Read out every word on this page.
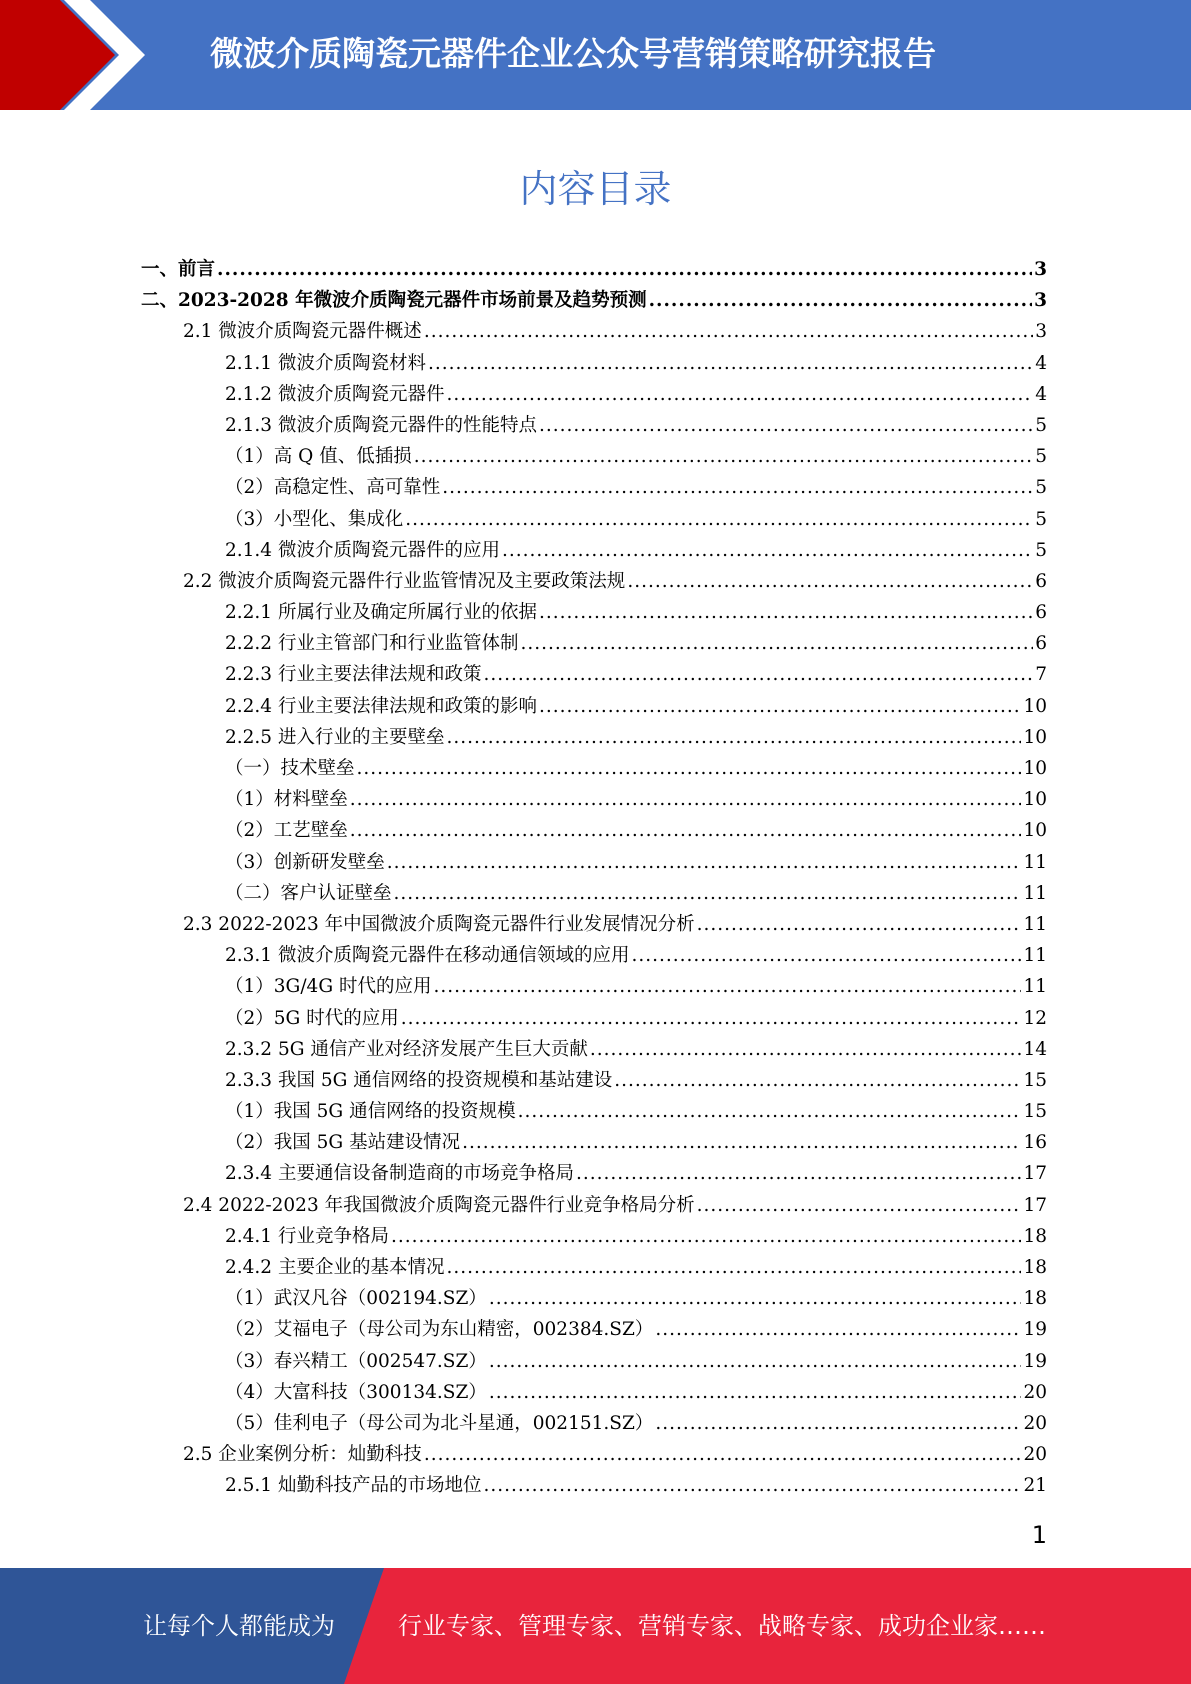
微波介质陶瓷元器件企业公众号营销策略研究报告
内容目录
一、前言 .....	3
二、2023-2028 年微波介质陶瓷元器件市场前景及趋势预测 .....	3
2.1 微波介质陶瓷元器件概述 .....	3
2.1.1 微波介质陶瓷材料 .....	4
2.1.2 微波介质陶瓷元器件 .....	4
2.1.3 微波介质陶瓷元器件的性能特点 .....	5
（1）高 Q 值、低插损 .....	5
（2）高稳定性、高可靠性 .....	5
（3）小型化、集成化 .....	5
2.1.4 微波介质陶瓷元器件的应用 .....	5
2.2 微波介质陶瓷元器件行业监管情况及主要政策法规 .....	6
2.2.1 所属行业及确定所属行业的依据 .....	6
2.2.2 行业主管部门和行业监管体制 .....	6
2.2.3 行业主要法律法规和政策 .....	7
2.2.4 行业主要法律法规和政策的影响 .....	10
2.2.5 进入行业的主要壁垒 .....	10
（一）技术壁垒 .....	10
（1）材料壁垒 .....	10
（2）工艺壁垒 .....	10
（3）创新研发壁垒 .....	11
（二）客户认证壁垒 .....	11
2.3 2022-2023 年中国微波介质陶瓷元器件行业发展情况分析 .....	11
2.3.1 微波介质陶瓷元器件在移动通信领域的应用 .....	11
（1）3G/4G 时代的应用 .....	11
（2）5G 时代的应用 .....	12
2.3.2 5G 通信产业对经济发展产生巨大贡献 .....	14
2.3.3 我国 5G 通信网络的投资规模和基站建设 .....	15
（1）我国 5G 通信网络的投资规模 .....	15
（2）我国 5G 基站建设情况 .....	16
2.3.4 主要通信设备制造商的市场竞争格局 .....	17
2.4 2022-2023 年我国微波介质陶瓷元器件行业竞争格局分析 .....	17
2.4.1 行业竞争格局 .....	18
2.4.2 主要企业的基本情况 .....	18
（1）武汉凡谷（002194.SZ） .....	18
（2）艾福电子（母公司为东山精密，002384.SZ） .....	19
（3）春兴精工（002547.SZ） .....	19
（4）大富科技（300134.SZ） .....	20
（5）佳利电子（母公司为北斗星通，002151.SZ） .....	20
2.5 企业案例分析：灿勤科技 .....	20
2.5.1 灿勤科技产品的市场地位 .....	21
1
让每个人都能成为	行业专家、管理专家、营销专家、战略专家、成功企业家……
